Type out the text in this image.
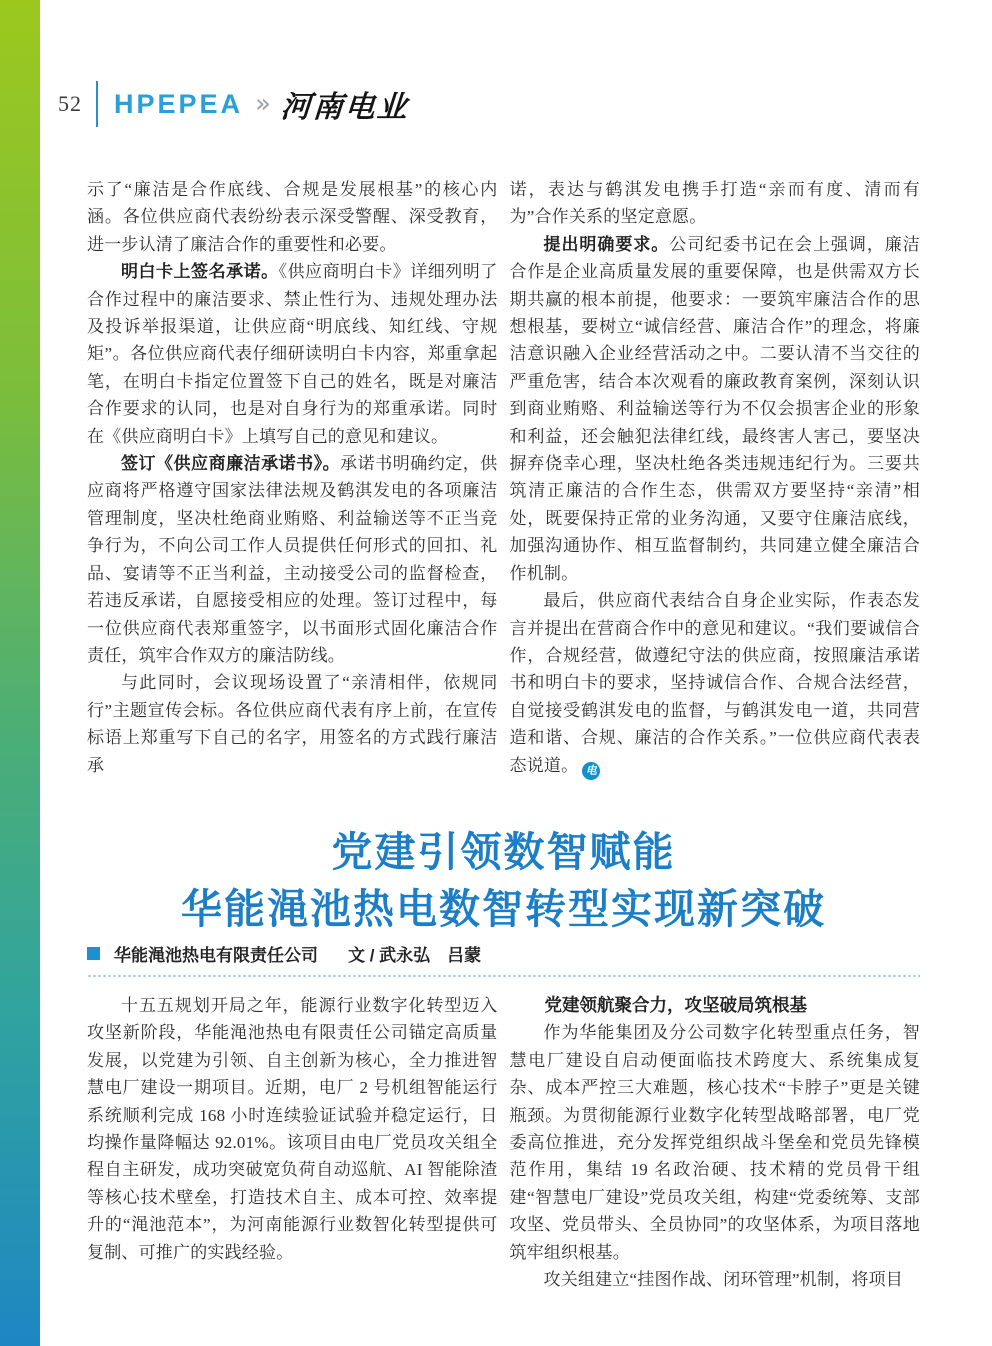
52 HPEPEA » 河南电业

示了“廉洁是合作底线、合规是发展根基”的核心内涵。各位供应商代表纷纷表示深受警醒、深受教育，进一步认清了廉洁合作的重要性和必要。

明白卡上签名承诺。《供应商明白卡》详细列明了合作过程中的廉洁要求、禁止性行为、违规处理办法及投诉举报渠道，让供应商“明底线、知红线、守规矩”。各位供应商代表仔细研读明白卡内容，郑重拿起笔，在明白卡指定位置签下自己的姓名，既是对廉洁合作要求的认同，也是对自身行为的郑重承诺。同时在《供应商明白卡》上填写自己的意见和建议。

签订《供应商廉洁承诺书》。承诺书明确约定，供应商将严格遵守国家法律法规及鹤淇发电的各项廉洁管理制度，坚决杜绝商业贿赂、利益输送等不正当竞争行为，不向公司工作人员提供任何形式的回扣、礼品、宴请等不正当利益，主动接受公司的监督检查，若违反承诺，自愿接受相应的处理。签订过程中，每一位供应商代表郑重签字，以书面形式固化廉洁合作责任，筑牢合作双方的廉洁防线。

与此同时，会议现场设置了“亲清相伴，依规同行”主题宣传会标。各位供应商代表有序上前，在宣传标语上郑重写下自己的名字，用签名的方式践行廉洁承

诺，表达与鹤淇发电携手打造“亲而有度、清而有为”合作关系的坚定意愿。

提出明确要求。公司纪委书记在会上强调，廉洁合作是企业高质量发展的重要保障，也是供需双方长期共赢的根本前提，他要求：一要筑牢廉洁合作的思想根基，要树立“诚信经营、廉洁合作”的理念，将廉洁意识融入企业经营活动之中。二要认清不当交往的严重危害，结合本次观看的廉政教育案例，深刻认识到商业贿赂、利益输送等行为不仅会损害企业的形象和利益，还会触犯法律红线，最终害人害己，要坚决摒弃侥幸心理，坚决杜绝各类违规违纪行为。三要共筑清正廉洁的合作生态，供需双方要坚持“亲清”相处，既要保持正常的业务沟通，又要守住廉洁底线，加强沟通协作、相互监督制约，共同建立健全廉洁合作机制。

最后，供应商代表结合自身企业实际，作表态发言并提出在营商合作中的意见和建议。“我们要诚信合作，合规经营，做遵纪守法的供应商，按照廉洁承诺书和明白卡的要求，坚持诚信合作、合规合法经营，自觉接受鹤淇发电的监督，与鹤淇发电一道，共同营造和谐、合规、廉洁的合作关系。”一位供应商代表表态说道。 电

党建引领数智赋能
华能渑池热电数智转型实现新突破
华能渑池热电有限责任公司 文 / 武永弘　吕蒙

十五五规划开局之年，能源行业数字化转型迈入攻坚新阶段，华能渑池热电有限责任公司锚定高质量发展，以党建为引领、自主创新为核心，全力推进智慧电厂建设一期项目。近期，电厂 2 号机组智能运行系统顺利完成 168 小时连续验证试验并稳定运行，日均操作量降幅达 92.01%。该项目由电厂党员攻关组全程自主研发，成功突破宽负荷自动巡航、AI 智能除渣等核心技术壁垒，打造技术自主、成本可控、效率提升的“渑池范本”，为河南能源行业数智化转型提供可复制、可推广的实践经验。

党建领航聚合力，攻坚破局筑根基

作为华能集团及分公司数字化转型重点任务，智慧电厂建设自启动便面临技术跨度大、系统集成复杂、成本严控三大难题，核心技术“卡脖子”更是关键瓶颈。为贯彻能源行业数字化转型战略部署，电厂党委高位推进，充分发挥党组织战斗堡垒和党员先锋模范作用，集结 19 名政治硬、技术精的党员骨干组建“智慧电厂建设”党员攻关组，构建“党委统筹、支部攻坚、党员带头、全员协同”的攻坚体系，为项目落地筑牢组织根基。

攻关组建立“挂图作战、闭环管理”机制，将项目
